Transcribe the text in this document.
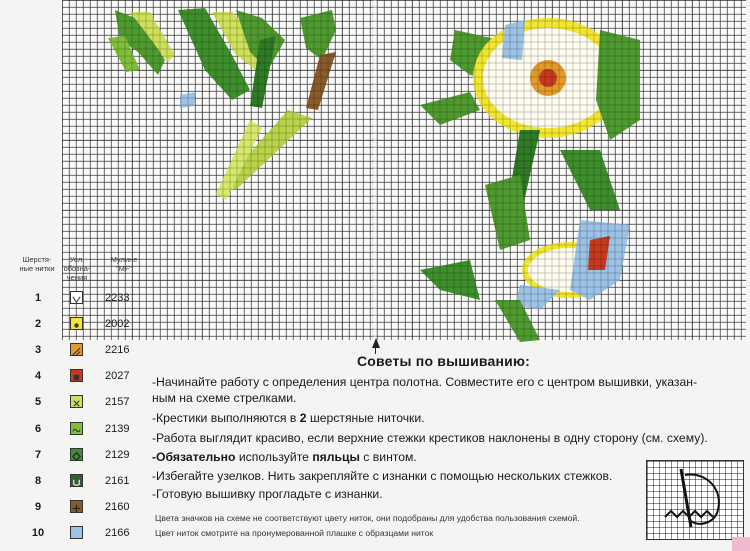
Шерстя-ные нитки
Усл. обозна-чения
Мулине "MF"
1	2233
2	2002
3	2216
4	2027
5	2157
6	2139
7	2129
8	2161
9	2160
10	2166
Советы по вышиванию:
-Начинайте работу с определения центра полотна. Совместите его с центром вышивки, указан-
ным на схеме стрелками.
-Крестики выполняются в 2 шерстяные ниточки.
-Работа выглядит красиво, если верхние стежки крестиков наклонены в одну сторону (см. схему).
-Обязательно используйте пяльцы с винтом.
-Избегайте узелков. Нить закрепляйте с изнанки с помощью нескольких стежков.
-Готовую вышивку прогладьте с изнанки.
Цвета значков на схеме не соответствуют цвету ниток, они подобраны для удобства пользования схемой.
Цвет ниток смотрите на пронумерованной плашке с образцами ниток
